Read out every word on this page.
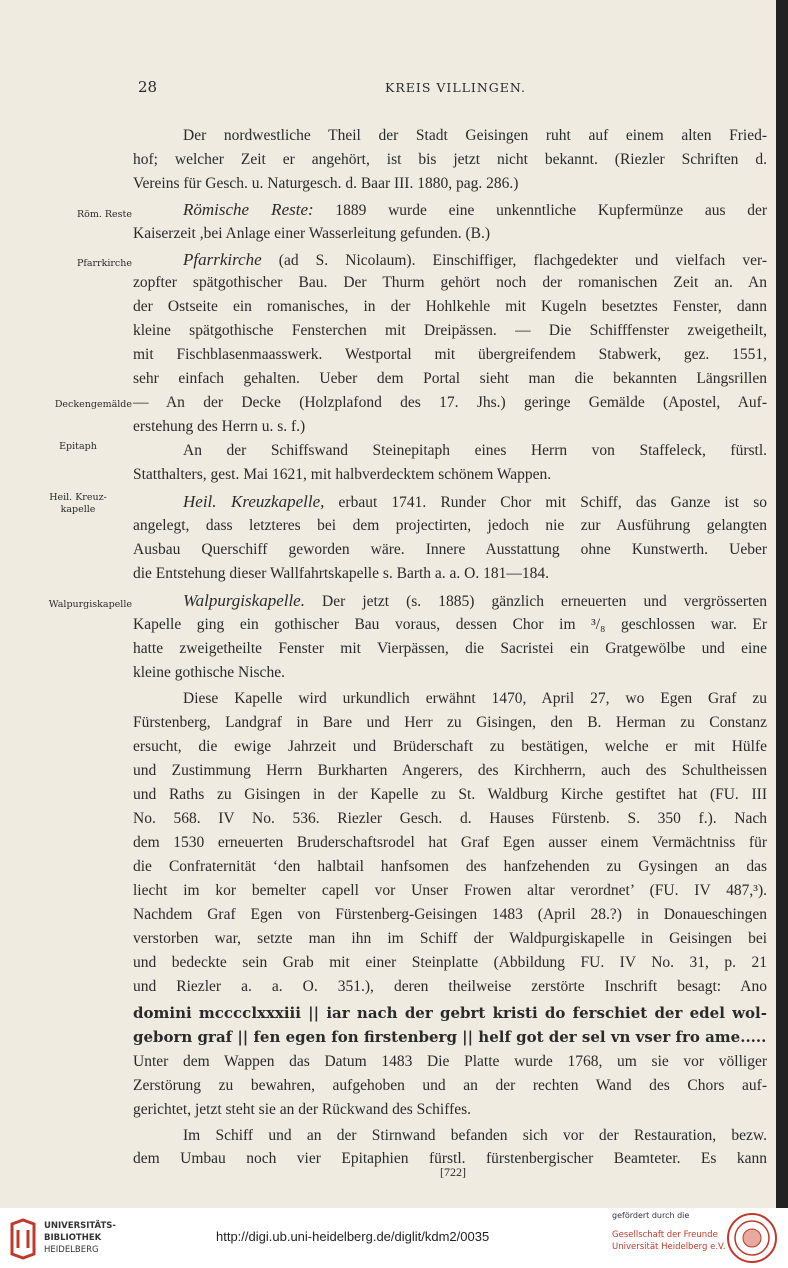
28	KREIS VILLINGEN.
Röm. Reste
Pfarrkirche
Deckengemälde
Epitaph
Heil. Kreuz-
kapelle
Walpurgiskapelle
Der nordwestliche Theil der Stadt Geisingen ruht auf einem alten Fried-
hof; welcher Zeit er angehört, ist bis jetzt nicht bekannt. (Riezler Schriften d.
Vereins für Gesch. u. Naturgesch. d. Baar III. 1880, pag. 286.)
Römische Reste: 1889 wurde eine unkenntliche Kupfermünze aus der
Kaiserzeit ,bei Anlage einer Wasserleitung gefunden. (B.)
Pfarrkirche (ad S. Nicolaum). Einschiffiger, flachgedekter und vielfach ver-
zopfter spätgothischer Bau. Der Thurm gehört noch der romanischen Zeit an. An
der Ostseite ein romanisches, in der Hohlkehle mit Kugeln besetztes Fenster, dann
kleine spätgothische Fensterchen mit Dreipässen. — Die Schifffenster zweigetheilt,
mit Fischblasenmaasswerk. Westportal mit übergreifendem Stabwerk, gez. 1551,
sehr einfach gehalten. Ueber dem Portal sieht man die bekannten Längsrillen
— An der Decke (Holzplafond des 17. Jhs.) geringe Gemälde (Apostel, Auf-
erstehung des Herrn u. s. f.)
An der Schiffswand Steinepitaph eines Herrn von Staffeleck, fürstl.
Statthalters, gest. Mai 1621, mit halbverdecktem schönem Wappen.
Heil. Kreuzkapelle, erbaut 1741. Runder Chor mit Schiff, das Ganze ist so
angelegt, dass letzteres bei dem projectirten, jedoch nie zur Ausführung gelangten
Ausbau Querschiff geworden wäre. Innere Ausstattung ohne Kunstwerth. Ueber
die Entstehung dieser Wallfahrtskapelle s. Barth a. a. O. 181—184.
Walpurgiskapelle. Der jetzt (s. 1885) gänzlich erneuerten und vergrösserten
Kapelle ging ein gothischer Bau voraus, dessen Chor im ³/₈ geschlossen war. Er
hatte zweigetheilte Fenster mit Vierpässen, die Sacristei ein Gratgewölbe und eine
kleine gothische Nische.
Diese Kapelle wird urkundlich erwähnt 1470, April 27, wo Egen Graf zu
Fürstenberg, Landgraf in Bare und Herr zu Gisingen, den B. Herman zu Constanz
ersucht, die ewige Jahrzeit und Brüderschaft zu bestätigen, welche er mit Hülfe
und Zustimmung Herrn Burkharten Angerers, des Kirchherrn, auch des Schultheissen
und Raths zu Gisingen in der Kapelle zu St. Waldburg Kirche gestiftet hat (FU. III
No. 568. IV No. 536. Riezler Gesch. d. Hauses Fürstenb. S. 350 f.). Nach
dem 1530 erneuerten Bruderschaftsrodel hat Graf Egen ausser einem Vermächtniss für
die Confraternität ‘den halbtail hanfsomen des hanfzehenden zu Gysingen an das
liecht im kor bemelter capell vor Unser Frowen altar verordnet’ (FU. IV 487,³).
Nachdem Graf Egen von Fürstenberg-Geisingen 1483 (April 28.?) in Donaueschingen
verstorben war, setzte man ihn im Schiff der Waldpurgiskapelle in Geisingen bei
und bedeckte sein Grab mit einer Steinplatte (Abbildung FU. IV No. 31, p. 21
und Riezler a. a. O. 351.), deren theilweise zerstörte Inschrift besagt: Ano
domini mcccclxxxiii || iar nach der gebrt kristi do ferschiet der edel wol-
geborn graf || fen egen fon firstenberg || helf got der sel vn vser fro ame.....
Unter dem Wappen das Datum 1483 Die Platte wurde 1768, um sie vor völliger
Zerstörung zu bewahren, aufgehoben und an der rechten Wand des Chors auf-
gerichtet, jetzt steht sie an der Rückwand des Schiffes.
Im Schiff und an der Stirnwand befanden sich vor der Restauration, bezw.
dem Umbau noch vier Epitaphien fürstl. fürstenbergischer Beamteter. Es kann
[722]
UNIVERSITÄTS-
BIBLIOTHEK
HEIDELBERG
http://digi.ub.uni-heidelberg.de/diglit/kdm2/0035
gefördert durch die
Gesellschaft der Freunde
Universität Heidelberg e.V.
